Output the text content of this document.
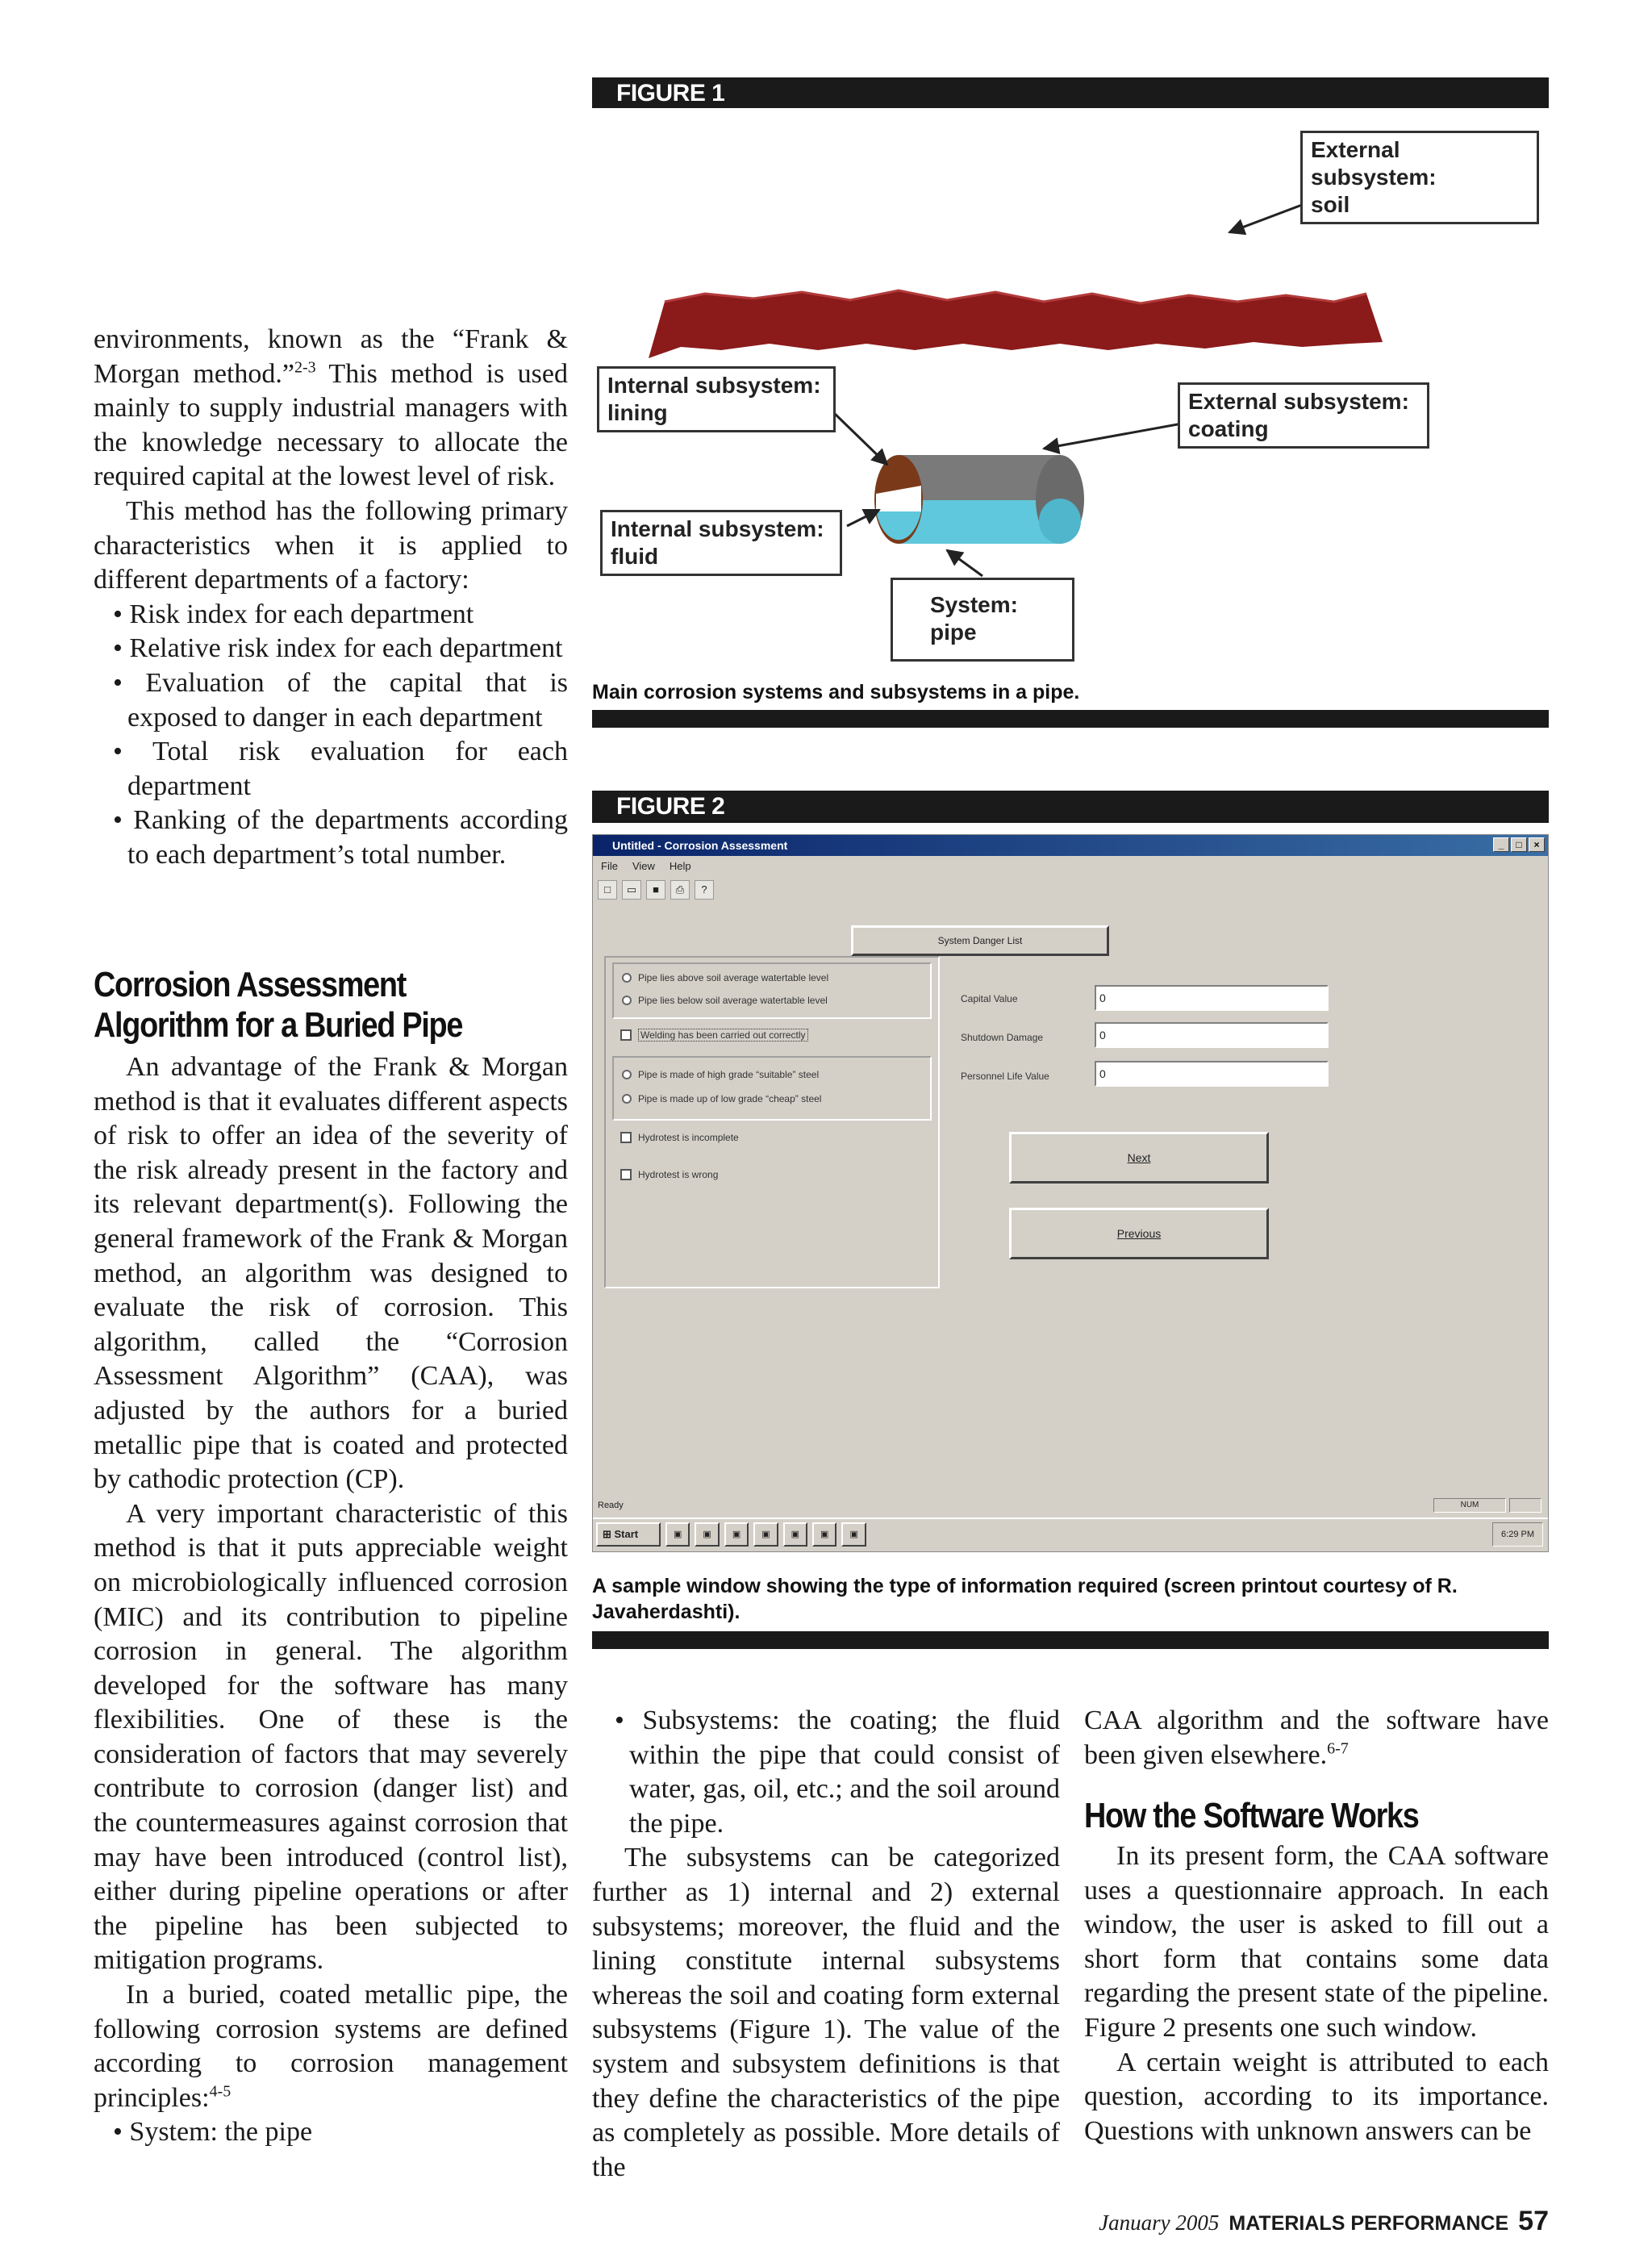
environments, known as the “Frank & Morgan method.”$^{2-3}$ This method is used mainly to supply industrial managers with the knowledge necessary to allocate the required capital at the lowest level of risk.

This method has the following primary characteristics when it is applied to different departments of a factory:

• Risk index for each department

• Relative risk index for each department

• Evaluation of the capital that is exposed to danger in each department

• Total risk evaluation for each department

• Ranking of the departments according to each department’s total number.

Corrosion Assessment
Algorithm for a Buried Pipe

An advantage of the Frank & Morgan method is that it evaluates different aspects of risk to offer an idea of the severity of the risk already present in the factory and its relevant department(s). Following the general framework of the Frank & Morgan method, an algorithm was designed to evaluate the risk of corrosion. This algorithm, called the “Corrosion Assessment Algorithm” (CAA), was adjusted by the authors for a buried metallic pipe that is coated and protected by cathodic protection (CP).

A very important characteristic of this method is that it puts appreciable weight on microbiologically influenced corrosion (MIC) and its contribution to pipeline corrosion in general. The algorithm developed for the software has many flexibilities. One of these is the consideration of factors that may severely contribute to corrosion (danger list) and the countermeasures against corrosion that may have been introduced (control list), either during pipeline operations or after the pipeline has been subjected to mitigation programs.

In a buried, coated metallic pipe, the following corrosion systems are defined according to corrosion management principles:$^{4-5}$

• System: the pipe

FIGURE 1
External subsystem:
soil
Internal subsystem:
lining	External subsystem:
coating
Internal subsystem:
fluid
System:
pipe
Main corrosion systems and subsystems in a pipe.
FIGURE 2
Untitled - Corrosion Assessment	_	□	×
File View Help
□	▭	■	⎙	?
System Danger List
Pipe lies above soil average watertable level
Pipe lies below soil average watertable level
Welding has been carried out correctly
Pipe is made of high grade “suitable” steel
Pipe is made up of low grade “cheap” steel
Hydrotest is incomplete
Hydrotest is wrong
Capital Value	0
Shutdown Damage	0
Personnel Life Value	0
Next
Previous
Ready	NUM
⊞ Start	▣	▣	▣	▣	▣	▣	▣	6:29 PM
A sample window showing the type of information required (screen printout courtesy of R. Javaherdashti).

• Subsystems: the coating; the fluid within the pipe that could consist of water, gas, oil, etc.; and the soil around the pipe.

The subsystems can be categorized further as 1) internal and 2) external subsystems; moreover, the fluid and the lining constitute internal subsystems whereas the soil and coating form external subsystems (Figure 1). The value of the system and subsystem definitions is that they define the characteristics of the pipe as completely as possible. More details of the

CAA algorithm and the software have been given elsewhere.$^{6-7}$

How the Software Works

In its present form, the CAA software uses a questionnaire approach. In each window, the user is asked to fill out a short form that contains some data regarding the present state of the pipeline. Figure 2 presents one such window.

A certain weight is attributed to each question, according to its importance. Questions with unknown answers can be

January 2005 MATERIALS PERFORMANCE 57
